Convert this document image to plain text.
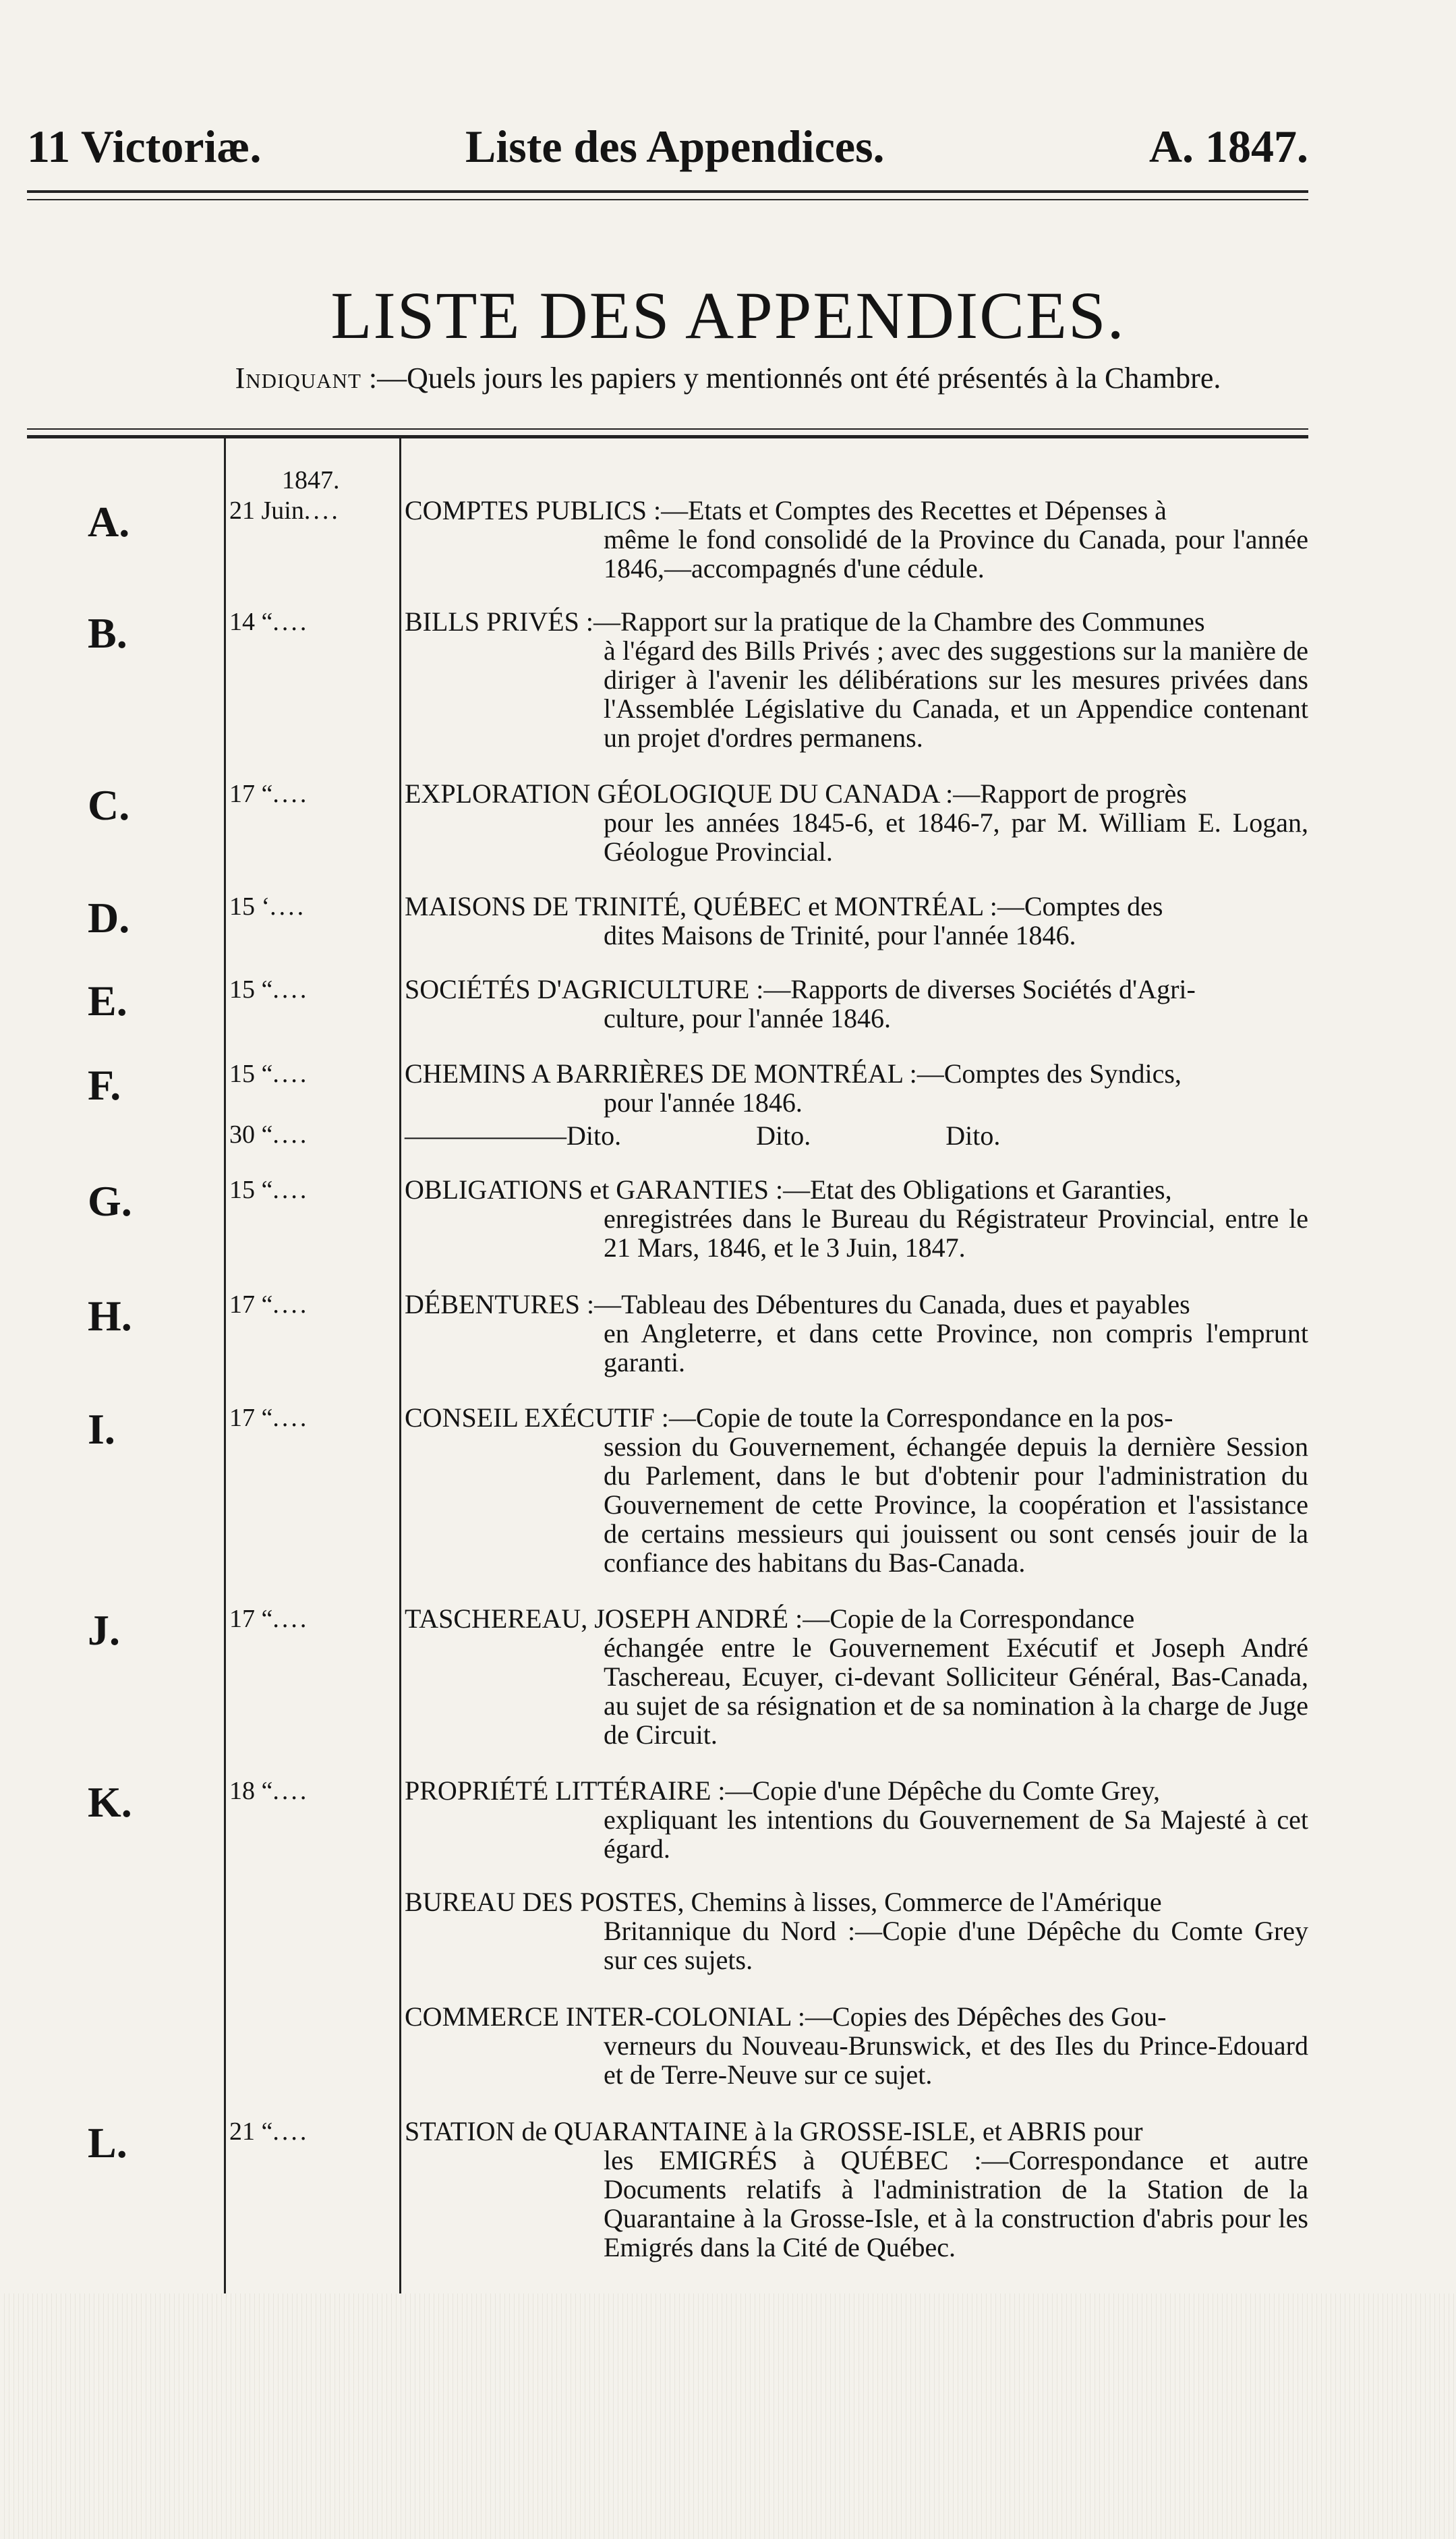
11 Victoriæ.	Liste des Appendices.	A. 1847.
LISTE DES APPENDICES.
Indiquant :—Quels jours les papiers y mentionnés ont été présentés à la Chambre.
1847.
A.	21 Juin.... COMPTES PUBLICS :—Etats et Comptes des Recettes et Dépenses à
même le fond consolidé de la Province du Canada, pour l'année 1846,—accompagnés d'une cédule.
B.	14 “....	BILLS PRIVÉS :—Rapport sur la pratique de la Chambre des Communes
à l'égard des Bills Privés ; avec des suggestions sur la manière de diriger à l'avenir les délibérations sur les mesures privées dans l'Assemblée Législative du Canada, et un Appendice contenant un projet d'ordres permanens.
C.	17 “....	EXPLORATION GÉOLOGIQUE DU CANADA :—Rapport de progrès
pour les années 1845-6, et 1846-7, par M. William E. Logan, Géologue Provincial.
D.	15 ‘....	MAISONS DE TRINITÉ, QUÉBEC et MONTRÉAL :—Comptes des
dites Maisons de Trinité, pour l'année 1846.
E.	15 “....	SOCIÉTÉS D'AGRICULTURE :—Rapports de diverses Sociétés d'Agri-
culture, pour l'année 1846.
F.	15 “....	CHEMINS A BARRIÈRES DE MONTRÉAL :—Comptes des Syndics,
pour l'année 1846.
30 “....	——————Dito.                    Dito.                    Dito.
G.	15 “....	OBLIGATIONS et GARANTIES :—Etat des Obligations et Garanties,
enregistrées dans le Bureau du Régistrateur Provincial, entre le 21 Mars, 1846, et le 3 Juin, 1847.
H.	17 “....	DÉBENTURES :—Tableau des Débentures du Canada, dues et payables
en Angleterre, et dans cette Province, non compris l'emprunt garanti.
I.	17 “....	CONSEIL EXÉCUTIF :—Copie de toute la Correspondance en la pos-
session du Gouvernement, échangée depuis la dernière Session du Parlement, dans le but d'obtenir pour l'administration du Gouvernement de cette Province, la coopération et l'assistance de certains messieurs qui jouissent ou sont censés jouir de la confiance des habitans du Bas-Canada.
J.	17 “....	TASCHEREAU, JOSEPH ANDRÉ :—Copie de la Correspondance
échangée entre le Gouvernement Exécutif et Joseph André Taschereau, Ecuyer, ci-devant Solliciteur Général, Bas-Canada, au sujet de sa résignation et de sa nomination à la charge de Juge de Circuit.
K.	18 “....	PROPRIÉTÉ LITTÉRAIRE :—Copie d'une Dépêche du Comte Grey,
expliquant les intentions du Gouvernement de Sa Majesté à cet égard.
BUREAU DES POSTES, Chemins à lisses, Commerce de l'Amérique
Britannique du Nord :—Copie d'une Dépêche du Comte Grey sur ces sujets.
COMMERCE INTER-COLONIAL :—Copies des Dépêches des Gou-
verneurs du Nouveau-Brunswick, et des Iles du Prince-Edouard et de Terre-Neuve sur ce sujet.
L.	21 “....	STATION de QUARANTAINE à la GROSSE-ISLE, et ABRIS pour
les EMIGRÉS à QUÉBEC :—Correspondance et autre Documents relatifs à l'administration de la Station de la Quarantaine à la Grosse-Isle, et à la construction d'abris pour les Emigrés dans la Cité de Québec.
